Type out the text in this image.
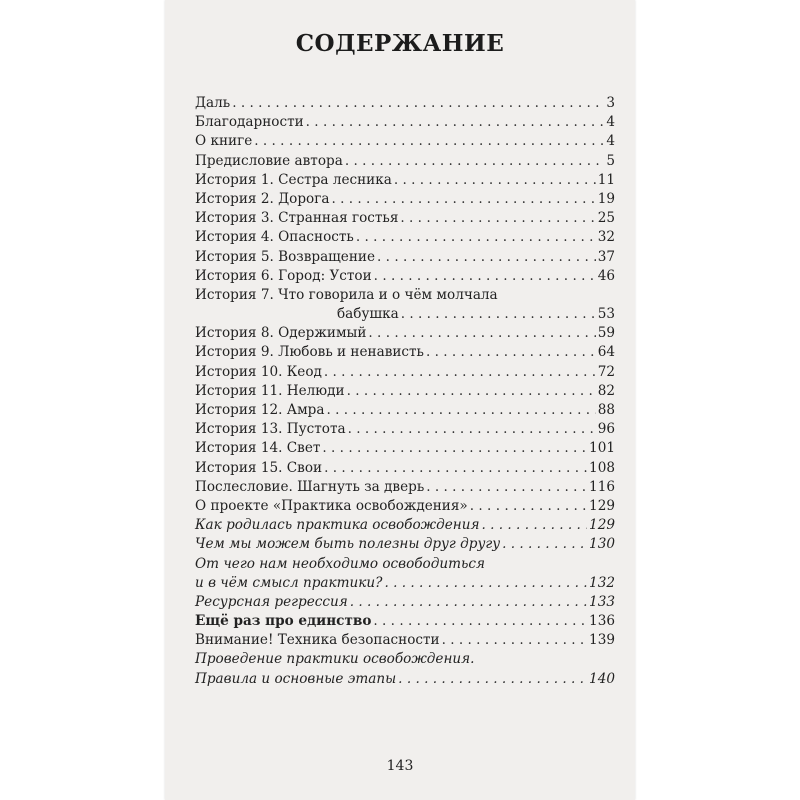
СОДЕРЖАНИЕ
Даль . . .	3
Благодарности . . .	4
О книге . . .	4
Предисловие автора . . .	5
История 1. Сестра лесника . . .	11
История 2. Дорога . . .	19
История 3. Странная гостья . . .	25
История 4. Опасность . . .	32
История 5. Возвращение . . .	37
История 6. Город: Устои . . .	46
История 7. Что говорила и о чём молчала
бабушка . . .	53
История 8. Одержимый . . .	59
История 9. Любовь и ненависть . . .	64
История 10. Кеод . . .	72
История 11. Нелюди . . .	82
История 12. Амра . . .	88
История 13. Пустота . . .	96
История 14. Свет . . .	101
История 15. Свои . . .	108
Послесловие. Шагнуть за дверь . . .	116
О проекте «Практика освобождения» . . .	129
Как родилась практика освобождения . . .	129
Чем мы можем быть полезны друг другу . . .	130
От чего нам необходимо освободиться
и в чём смысл практики? . . .	132
Ресурсная регрессия . . .	133
Ещё раз про единство . . .	136
Внимание! Техника безопасности . . .	139
Проведение практики освобождения.
Правила и основные этапы . . .	140
143
